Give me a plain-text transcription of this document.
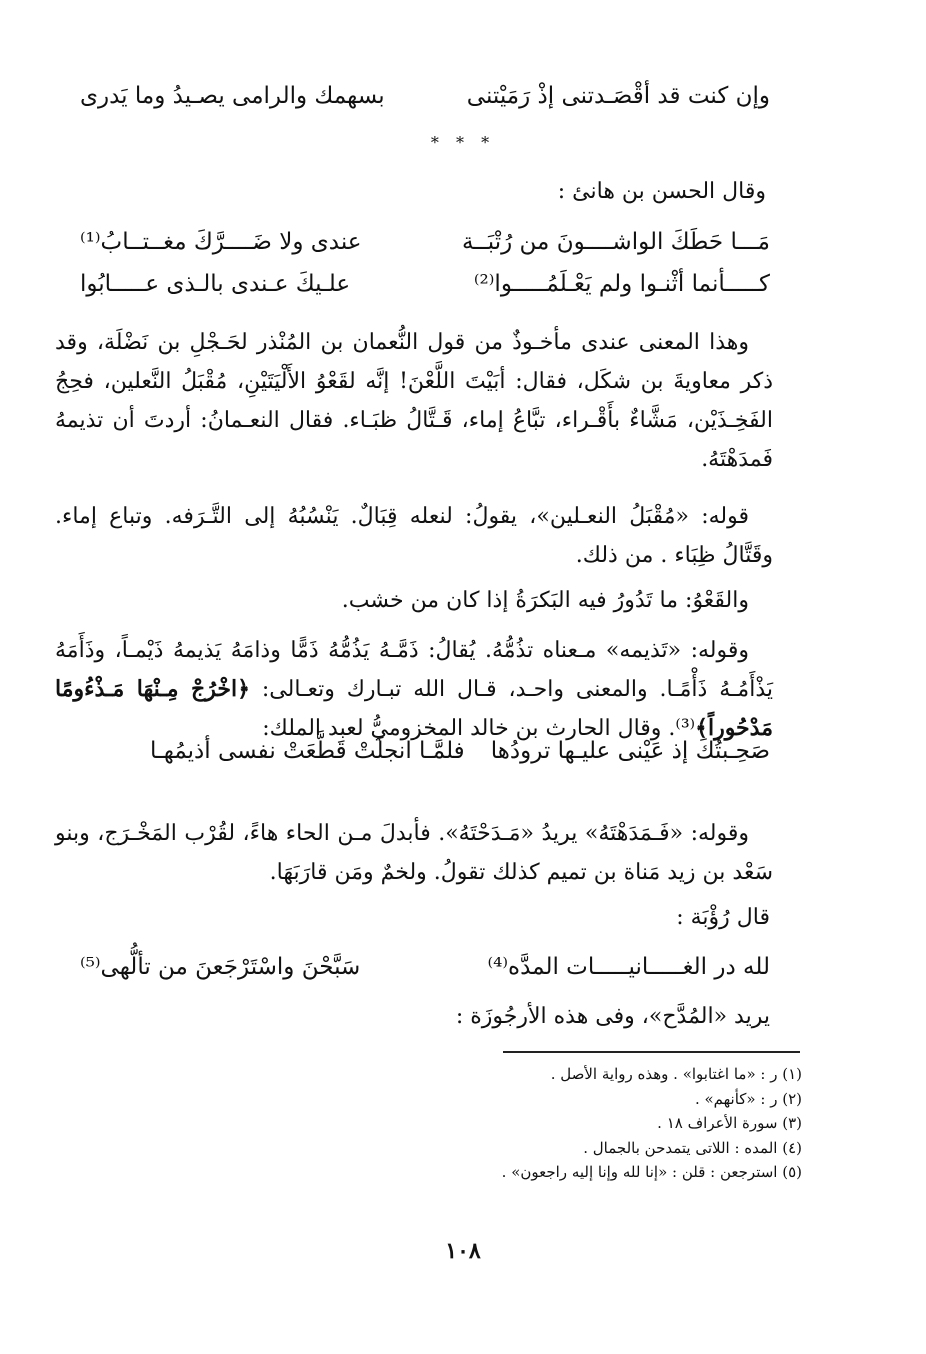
وإن كنت قد أقْصَـدتنى إذْ رَمَيْتنى
بسهمك والرامى يصـيدُ وما يَدرى
* * *
وقال الحسن بن هانئ :
مَـــا حَطَكَ الواشــــونَ من رُتْبَــة
عندى ولا ضَــــرَّكَ مغــتــابُ⁽¹⁾
كـــــأنما أثْنـوا ولم يَعْـلَمُـــــوا⁽²⁾
علـيكَ عـندى بالـذى عـــــابُوا

وهذا المعنى عندى مأخـوذٌ من قول النُّعمان بن المُنْذر لحَـجْلِ بن نَضْلَة، وقد ذكر معاويةَ بن شكَل، فقال: أبَيْتَ اللَّعْنَ! إنَّه لقَعْوُ الأَلْيَتَيْنِ، مُقْبَلُ النَّعلين، فحِجُ الفَخِـذَيْن، مَشَّاءٌ بأَقْـراء، تبَّاعُ إماء، قَـتَّالُ ظبَـاء. فقال النعـمانُ: أردتَ أن تذيمهُ فَمدَهْتَهُ.

قوله: «مُقْبَلُ النعـلين»، يقولُ: لنعله قِبَالٌ. يَنْسُبُهُ إلى التَّـرَفه. وتباع إماء. وقَتَّالُ ظِبَاء . من ذلك.

والقَعْوُ: ما تَدُورُ فيه البَكرَةُ إذا كان من خشب.

وقوله: «تَذيمه» مـعناه تذُمُّهُ. يُقالُ: ذَمَّـهُ يَذُمُّهُ ذَمًّا وذامَهُ يَذيمهُ ذَيْمـاً، وذَأَمَهُ يَذْأَمُـهُ ذَأْمًـا. والمعنى واحـد، قـال الله تبـارك وتعـالى: ﴿اخْرُجْ مِـنْهَا مَـذْءُومًا مَدْحُوراً﴾⁽³⁾. وقال الحارث بن خالد المخزوميُّ لعبد الملك:

صَحِـبتُكَ إذ عَيْنى عليـها ترودُها
فلمَّـا انجلَتْ قَطَّعَتْ نفسى أذيمُهـا

وقوله: «فَـمَدَهْتَهُ» يريدُ «مَـدَحْتَهُ». فأبدلَ مـن الحاء هاءً، لقُرْب المَخْـرَج، وبنو سَعْد بن زيد مَناة بن تميم كذلك تقولُ. ولخمٌ ومَن قارَبَهَا.

قال رُؤْبَة :
لله در الغـــــانيـــــات المدَّه⁽⁴⁾
سَبَّحْنَ واسْتَرْجَعنَ من تألُّهى⁽⁵⁾
يريد «المُدَّح»، وفى هذه الأرجُوزَة :
(١) ر : «ما اغتابوا» . وهذه رواية الأصل .
(٢) ر : «كأنهم» .
(٣) سورة الأعراف ١٨ .
(٤) المده : اللاتى يتمدحن بالجمال .
(٥) استرجعن : قلن : «إنا لله وإنا إليه راجعون» .
١٠٨
